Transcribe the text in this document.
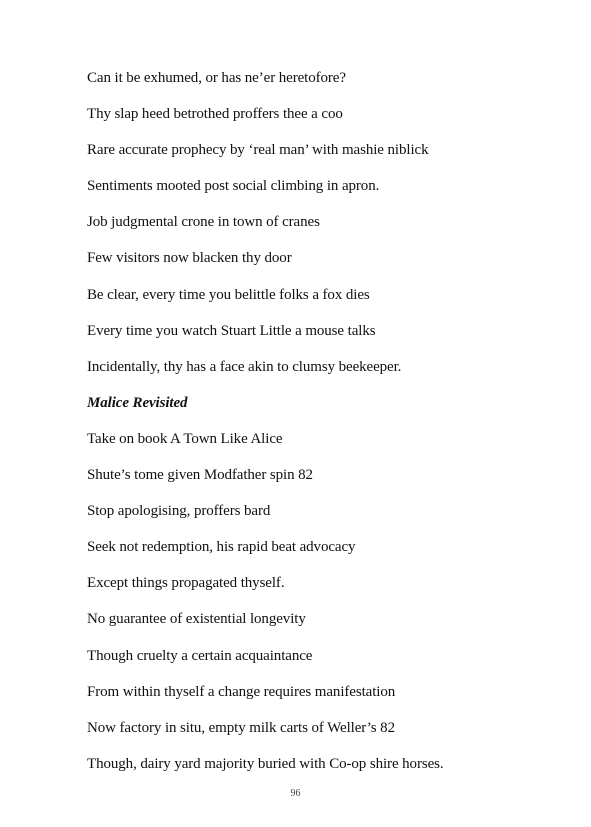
Can it be exhumed, or has ne’er heretofore?
Thy slap heed betrothed proffers thee a coo
Rare accurate prophecy by ‘real man’ with mashie niblick
Sentiments mooted post social climbing in apron.
Job judgmental crone in town of cranes
Few visitors now blacken thy door
Be clear, every time you belittle folks a fox dies
Every time you watch Stuart Little a mouse talks
Incidentally, thy has a face akin to clumsy beekeeper.
Malice Revisited
Take on book A Town Like Alice
Shute’s tome given Modfather spin 82
Stop apologising, proffers bard
Seek not redemption, his rapid beat advocacy
Except things propagated thyself.
No guarantee of existential longevity
Though cruelty a certain acquaintance
From within thyself a change requires manifestation
Now factory in situ, empty milk carts of Weller’s 82
Though, dairy yard majority buried with Co-op shire horses.
96
